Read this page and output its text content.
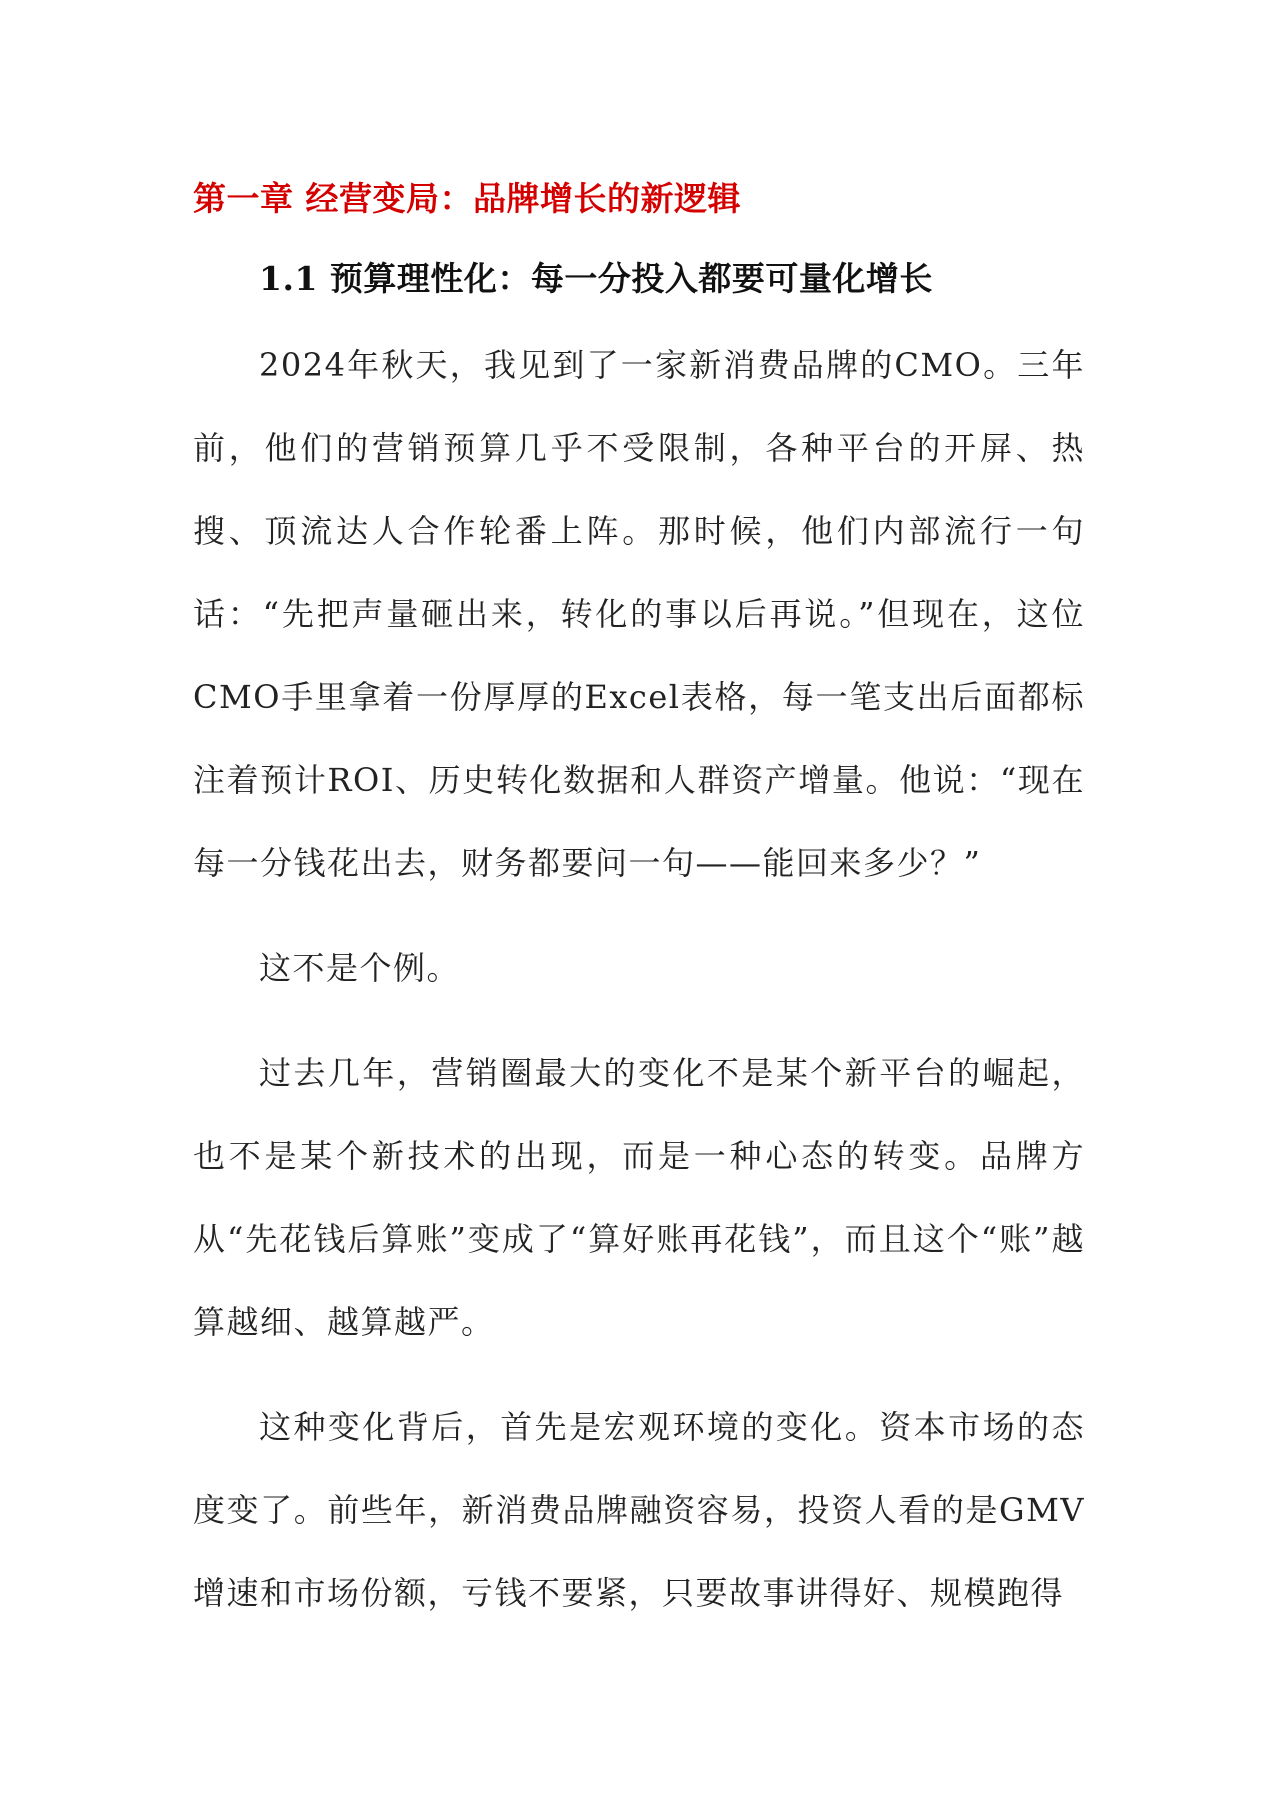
第一章 经营变局：品牌增长的新逻辑
1.1 预算理性化：每一分投入都要可量化增长

2024年秋天，我见到了一家新消费品牌的CMO。三年前，他们的营销预算几乎不受限制，各种平台的开屏、热搜、顶流达人合作轮番上阵。那时候，他们内部流行一句话：“先把声量砸出来，转化的事以后再说。”但现在，这位CMO手里拿着一份厚厚的Excel表格，每一笔支出后面都标注着预计ROI、历史转化数据和人群资产增量。他说：“现在每一分钱花出去，财务都要问一句——能回来多少？”

这不是个例。

过去几年，营销圈最大的变化不是某个新平台的崛起，也不是某个新技术的出现，而是一种心态的转变。品牌方从“先花钱后算账”变成了“算好账再花钱”，而且这个“账”越算越细、越算越严。

这种变化背后，首先是宏观环境的变化。资本市场的态度变了。前些年，新消费品牌融资容易，投资人看的是GMV增速和市场份额，亏钱不要紧，只要故事讲得好、规模跑得
